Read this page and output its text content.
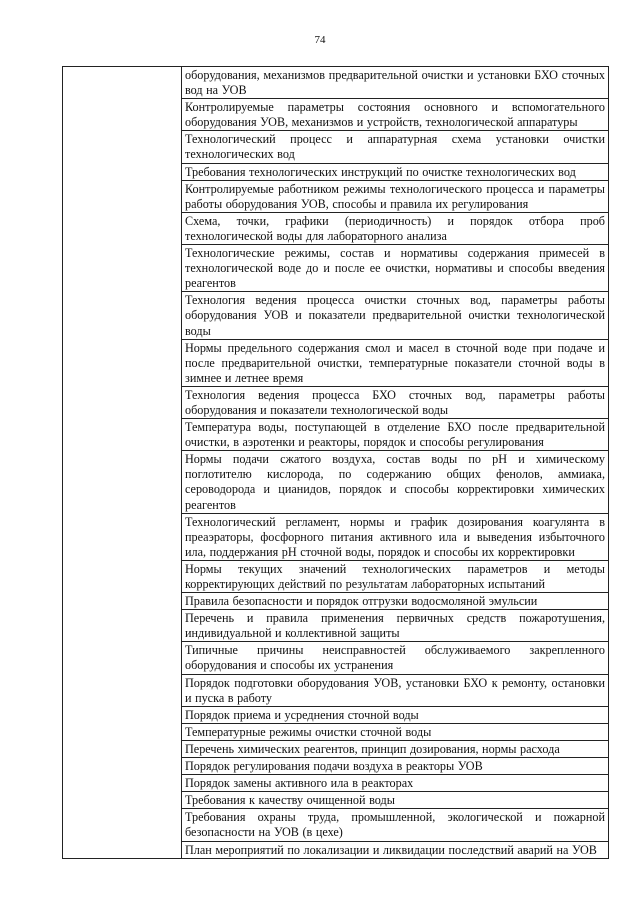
74
оборудования, механизмов предварительной очистки и установки БХО сточных вод на УОВ
Контролируемые параметры состояния основного и вспомогательного оборудования УОВ, механизмов и устройств, технологической аппаратуры
Технологический процесс и аппаратурная схема установки очистки технологических вод
Требования технологических инструкций по очистке технологических вод
Контролируемые работником режимы технологического процесса и параметры работы оборудования УОВ, способы и правила их регулирования
Схема, точки, графики (периодичность) и порядок отбора проб технологической воды для лабораторного анализа
Технологические режимы, состав и нормативы содержания примесей в технологической воде до и после ее очистки, нормативы и способы введения реагентов
Технология ведения процесса очистки сточных вод, параметры работы оборудования УОВ и показатели предварительной очистки технологической воды
Нормы предельного содержания смол и масел в сточной воде при подаче и после предварительной очистки, температурные показатели сточной воды в зимнее и летнее время
Технология ведения процесса БХО сточных вод, параметры работы оборудования и показатели технологической воды
Температура воды, поступающей в отделение БХО после предварительной очистки, в аэротенки и реакторы, порядок и способы регулирования
Нормы подачи сжатого воздуха, состав воды по pH и химическому поглотителю кислорода, по содержанию общих фенолов, аммиака, сероводорода и цианидов, порядок и способы корректировки химических реагентов
Технологический регламент, нормы и график дозирования коагулянта в преаэраторы, фосфорного питания активного ила и выведения избыточного ила, поддержания pH сточной воды, порядок и способы их корректировки
Нормы текущих значений технологических параметров и методы корректирующих действий по результатам лабораторных испытаний
Правила безопасности и порядок отгрузки водосмоляной эмульсии
Перечень и правила применения первичных средств пожаротушения, индивидуальной и коллективной защиты
Типичные причины неисправностей обслуживаемого закрепленного оборудования и способы их устранения
Порядок подготовки оборудования УОВ, установки БХО к ремонту, остановки и пуска в работу
Порядок приема и усреднения сточной воды
Температурные режимы очистки сточной воды
Перечень химических реагентов, принцип дозирования, нормы расхода
Порядок регулирования подачи воздуха в реакторы УОВ
Порядок замены активного ила в реакторах
Требования к качеству очищенной воды
Требования охраны труда, промышленной, экологической и пожарной безопасности на УОВ (в цехе)
План мероприятий по локализации и ликвидации последствий аварий на УОВ
